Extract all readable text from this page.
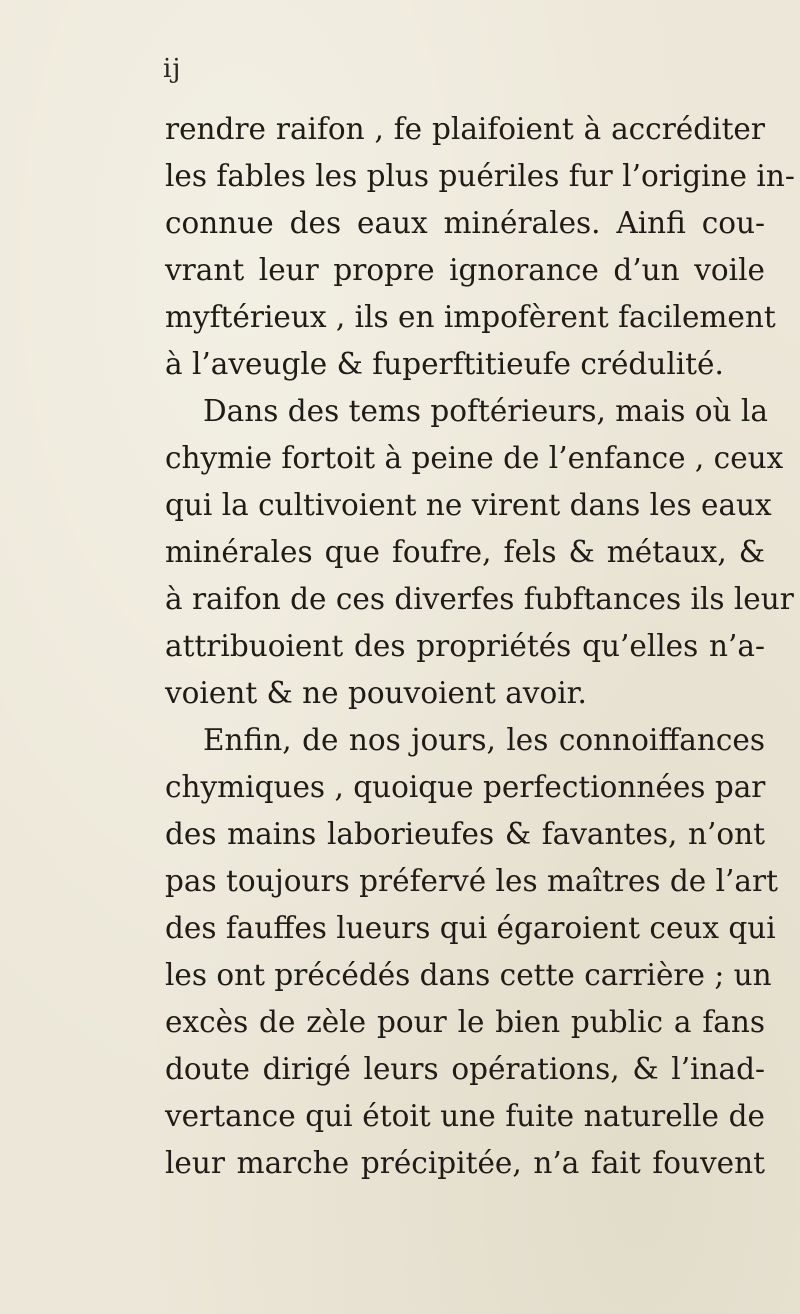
ij
rendre raifon , fe plaifoient à accréditer
les fables les plus puériles fur l’origine in-
connue des eaux minérales. Ainfi cou-
vrant leur propre ignorance d’un voile
myftérieux , ils en impofèrent facilement
à l’aveugle & fuperftitieufe crédulité.
Dans des tems poftérieurs, mais où la
chymie fortoit à peine de l’enfance , ceux
qui la cultivoient ne virent dans les eaux
minérales que foufre, fels & métaux, &
à raifon de ces diverfes fubftances ils leur
attribuoient des propriétés qu’elles n’a-
voient & ne pouvoient avoir.
Enfin, de nos jours, les connoiffances
chymiques , quoique perfectionnées par
des mains laborieufes & favantes, n’ont
pas toujours préfervé les maîtres de l’art
des fauffes lueurs qui égaroient ceux qui
les ont précédés dans cette carrière ; un
excès de zèle pour le bien public a fans
doute dirigé leurs opérations, & l’inad-
vertance qui étoit une fuite naturelle de
leur marche précipitée, n’a fait fouvent
